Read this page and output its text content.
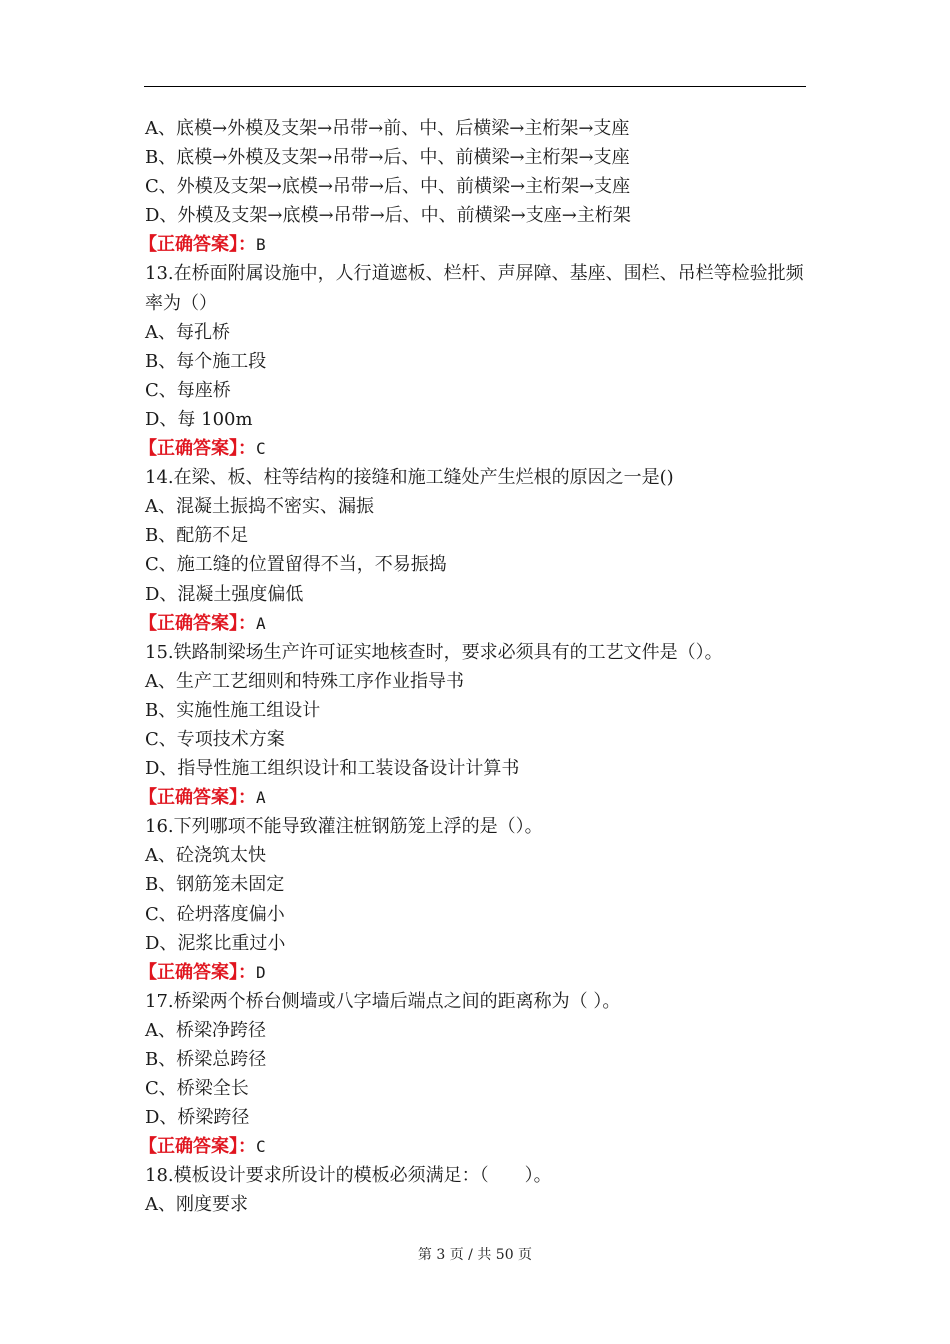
A、底模→外模及支架→吊带→前、中、后横梁→主桁架→支座
B、底模→外模及支架→吊带→后、中、前横梁→主桁架→支座
C、外模及支架→底模→吊带→后、中、前横梁→主桁架→支座
D、外模及支架→底模→吊带→后、中、前横梁→支座→主桁架
【正确答案】：B
13.在桥面附属设施中，人行道遮板、栏杆、声屏障、基座、围栏、吊栏等检验批频率为（）
A、每孔桥
B、每个施工段
C、每座桥
D、每 100m
【正确答案】：C
14.在梁、板、柱等结构的接缝和施工缝处产生烂根的原因之一是()
A、混凝土振捣不密实、漏振
B、配筋不足
C、施工缝的位置留得不当，不易振捣
D、混凝土强度偏低
【正确答案】：A
15.铁路制梁场生产许可证实地核查时，要求必须具有的工艺文件是（）。
A、生产工艺细则和特殊工序作业指导书
B、实施性施工组设计
C、专项技术方案
D、指导性施工组织设计和工装设备设计计算书
【正确答案】：A
16.下列哪项不能导致灌注桩钢筋笼上浮的是（）。
A、砼浇筑太快
B、钢筋笼未固定
C、砼坍落度偏小
D、泥浆比重过小
【正确答案】：D
17.桥梁两个桥台侧墙或八字墙后端点之间的距离称为（ ）。
A、桥梁净跨径
B、桥梁总跨径
C、桥梁全长
D、桥梁跨径
【正确答案】：C
18.模板设计要求所设计的模板必须满足：（　　）。
A、刚度要求
第 3 页 / 共 50 页
